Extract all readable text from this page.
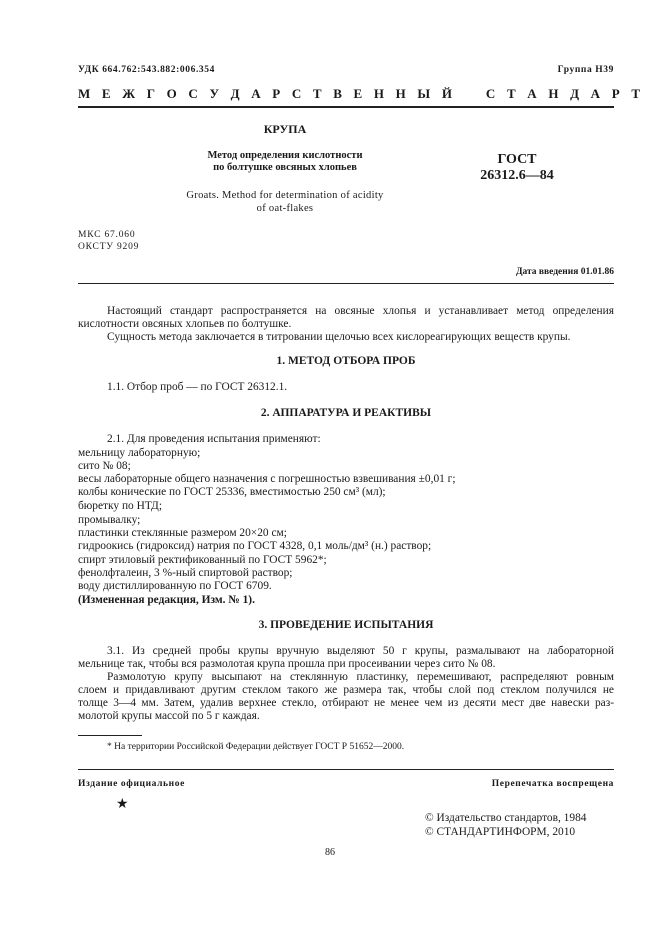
УДК 664.762:543.882:006.354	Группа Н39
М Е Ж Г О С У Д А Р С Т В Е Н Н Ы Й    С Т А Н Д А Р Т
КРУПА
Метод определения кислотности
по болтушке овсяных хлопьев
Groats. Method for determination of acidity
of oat-flakes
ГОСТ
26312.6—84
МКС 67.060
ОКСТУ 9209
Дата введения 01.01.86
Настоящий стандарт распространяется на овсяные хлопья и устанавливает метод определения
кислотности овсяных хлопьев по болтушке.
Сущность метода заключается в титровании щелочью всех кислореагирующих веществ крупы.
1. МЕТОД ОТБОРА ПРОБ
1.1. Отбор проб — по ГОСТ 26312.1.
2. АППАРАТУРА И РЕАКТИВЫ
2.1. Для проведения испытания применяют:
мельницу лабораторную;
сито № 08;
весы лабораторные общего назначения с погрешностью взвешивания ±0,01 г;
колбы конические по ГОСТ 25336, вместимостью 250 см³ (мл);
бюретку по НТД;
промывалку;
пластинки стеклянные размером 20×20 см;
гидроокись (гидроксид) натрия по ГОСТ 4328, 0,1 моль/дм³ (н.) раствор;
спирт этиловый ректификованный по ГОСТ 5962*;
фенолфталеин, 3 %-ный спиртовой раствор;
воду дистиллированную по ГОСТ 6709.
(Измененная редакция, Изм. № 1).
3. ПРОВЕДЕНИЕ ИСПЫТАНИЯ
3.1. Из средней пробы крупы вручную выделяют 50 г крупы, размалывают на лабораторной
мельнице так, чтобы вся размолотая крупа прошла при просеивании через сито № 08.
Размолотую крупу высыпают на стеклянную пластинку, перемешивают, распределяют ровным
слоем и придавливают другим стеклом такого же размера так, чтобы слой под стеклом получился не
толще 3—4 мм. Затем, удалив верхнее стекло, отбирают не менее чем из десяти мест две навески раз-
молотой крупы массой по 5 г каждая.
* На территории Российской Федерации действует ГОСТ Р 51652—2000.
Издание официальное	Перепечатка воспрещена
★
© Издательство стандартов, 1984
© СТАНДАРТИНФОРМ, 2010
86
